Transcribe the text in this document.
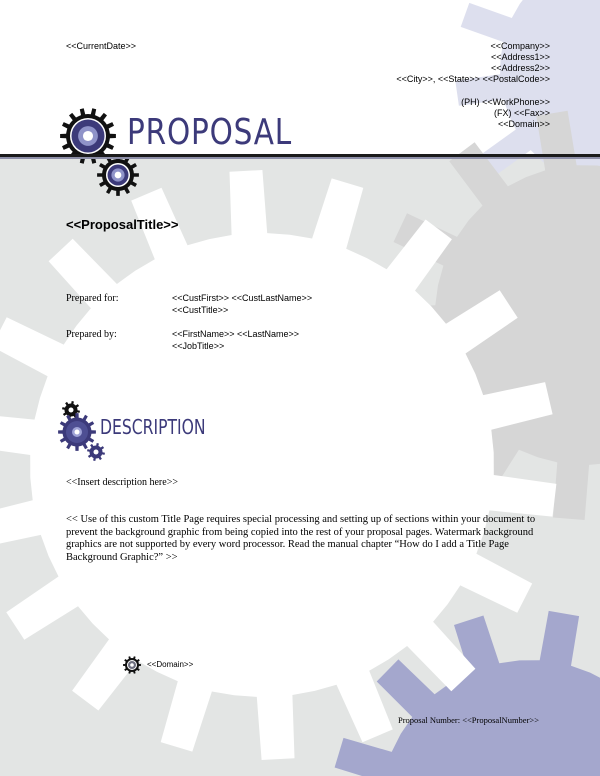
<<CurrentDate>>	<<Company>>
<<Address1>>
<<Address2>>
<<City>>, <<State>> <<PostalCode>>
(PH) <<WorkPhone>>
(FX) <<Fax>>
<<Domain>>
PROPOSAL
<<ProposalTitle>>
Prepared for:	<<CustFirst>> <<CustLastName>>
<<CustTitle>>
Prepared by:	<<FirstName>> <<LastName>>
<<JobTitle>>
DESCRIPTION
<<Insert description here>>
<< Use of this custom Title Page requires special processing and setting up of sections within your document to prevent the background graphic from being copied into the rest of your proposal pages. Watermark background graphics are not supported by every word processor. Read the manual chapter “How do I add a Title Page Background Graphic?” >>
<<Domain>>
Proposal Number: <<ProposalNumber>>
